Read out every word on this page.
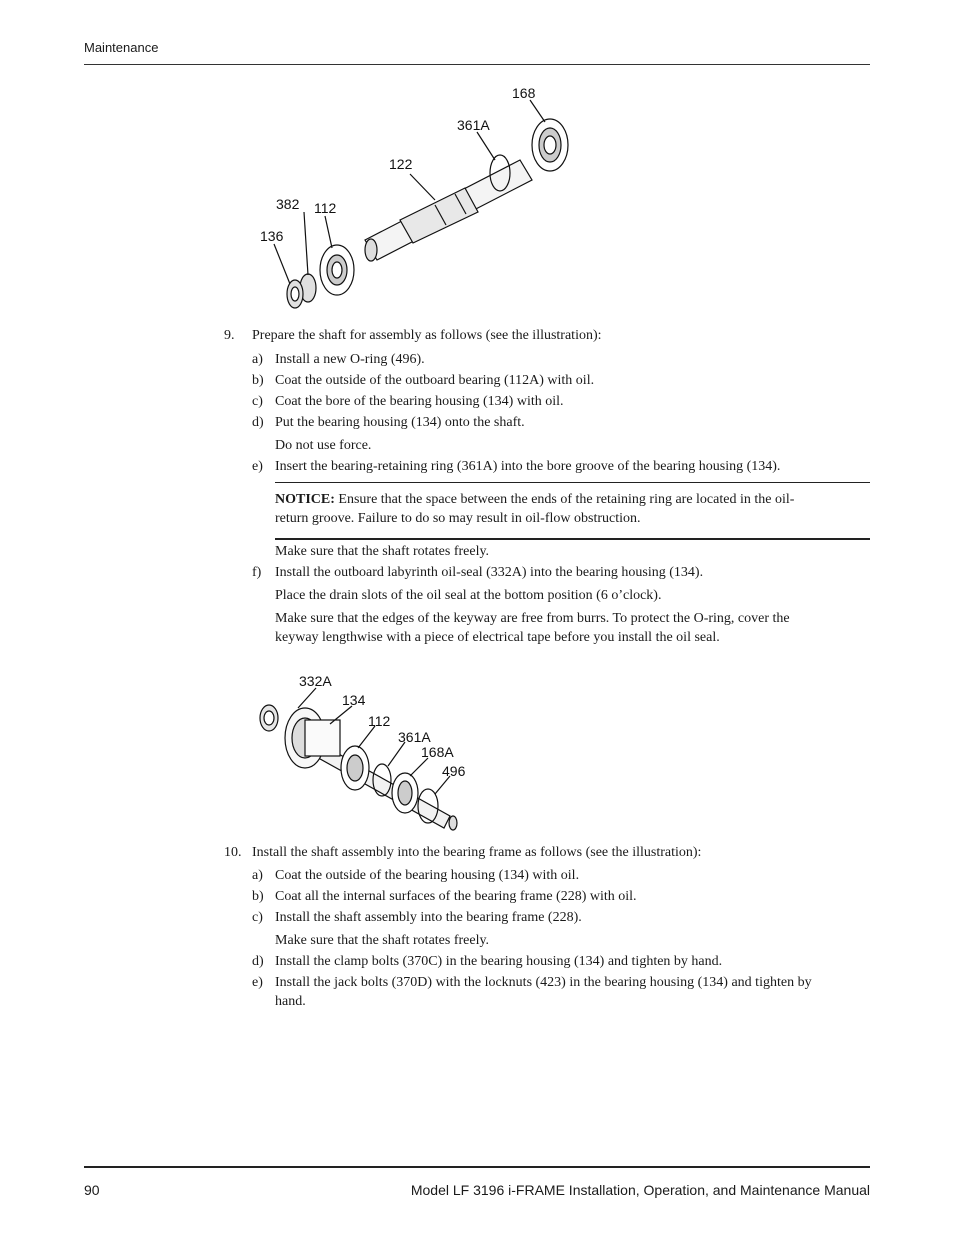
Maintenance
168
361A
122
382 112
136
9. Prepare the shaft for assembly as follows (see the illustration):
a) Install a new O-ring (496).
b) Coat the outside of the outboard bearing (112A) with oil.
c) Coat the bore of the bearing housing (134) with oil.
d) Put the bearing housing (134) onto the shaft.
Do not use force.
e) Insert the bearing-retaining ring (361A) into the bore groove of the bearing housing (134).
NOTICE: Ensure that the space between the ends of the retaining ring are located in the oil-
return groove. Failure to do so may result in oil-flow obstruction.
Make sure that the shaft rotates freely.
f) Install the outboard labyrinth oil-seal (332A) into the bearing housing (134).
Place the drain slots of the oil seal at the bottom position (6 o’clock).
Make sure that the edges of the keyway are free from burrs. To protect the O-ring, cover the
keyway lengthwise with a piece of electrical tape before you install the oil seal.
332A
134
112
361A
168A
496
10. Install the shaft assembly into the bearing frame as follows (see the illustration):
a) Coat the outside of the bearing housing (134) with oil.
b) Coat all the internal surfaces of the bearing frame (228) with oil.
c) Install the shaft assembly into the bearing frame (228).
Make sure that the shaft rotates freely.
d) Install the clamp bolts (370C) in the bearing housing (134) and tighten by hand.
e) Install the jack bolts (370D) with the locknuts (423) in the bearing housing (134) and tighten by
hand.
90	Model LF 3196 i-FRAME Installation, Operation, and Maintenance Manual
